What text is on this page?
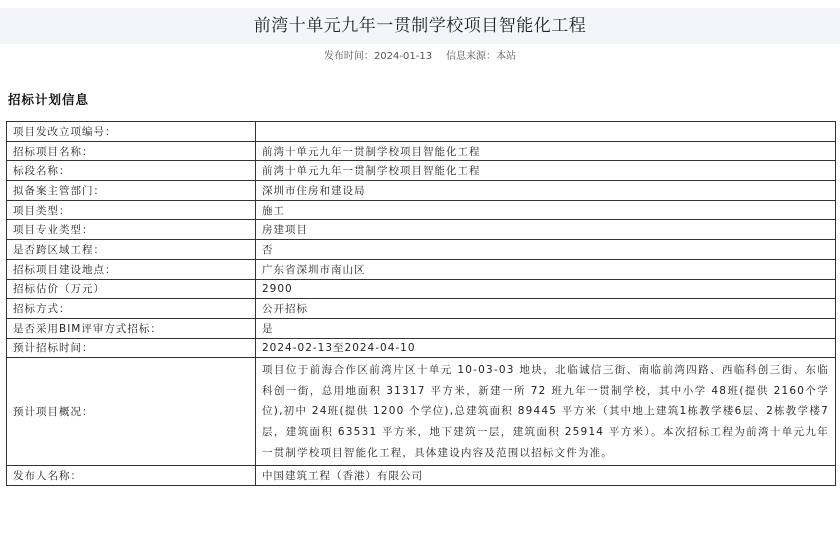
前湾十单元九年一贯制学校项目智能化工程
发布时间：2024-01-13 信息来源：本站
招标计划信息
项目发改立项编号：	
招标项目名称：	前湾十单元九年一贯制学校项目智能化工程
标段名称：	前湾十单元九年一贯制学校项目智能化工程
拟备案主管部门：	深圳市住房和建设局
项目类型：	施工
项目专业类型：	房建项目
是否跨区域工程：	否
招标项目建设地点：	广东省深圳市南山区
招标估价（万元）	2900
招标方式：	公开招标
是否采用BIM评审方式招标：	是
预计招标时间：	2024-02-13至2024-04-10
预计项目概况：	项目位于前海合作区前湾片区十单元 10-03-03 地块，北临诚信三街、南临前湾四路、西临科创三街、东临科创一街，总用地面积 31317 平方米，新建一所 72 班九年一贯制学校，其中小学 48班(提供 2160个学位),初中 24班(提供 1200 个学位),总建筑面积 89445 平方米（其中地上建筑1栋教学楼6层、2栋教学楼7层，建筑面积 63531 平方米，地下建筑一层，建筑面积 25914 平方米）。本次招标工程为前湾十单元九年一贯制学校项目智能化工程，具体建设内容及范围以招标文件为准。
发布人名称：	中国建筑工程（香港）有限公司
